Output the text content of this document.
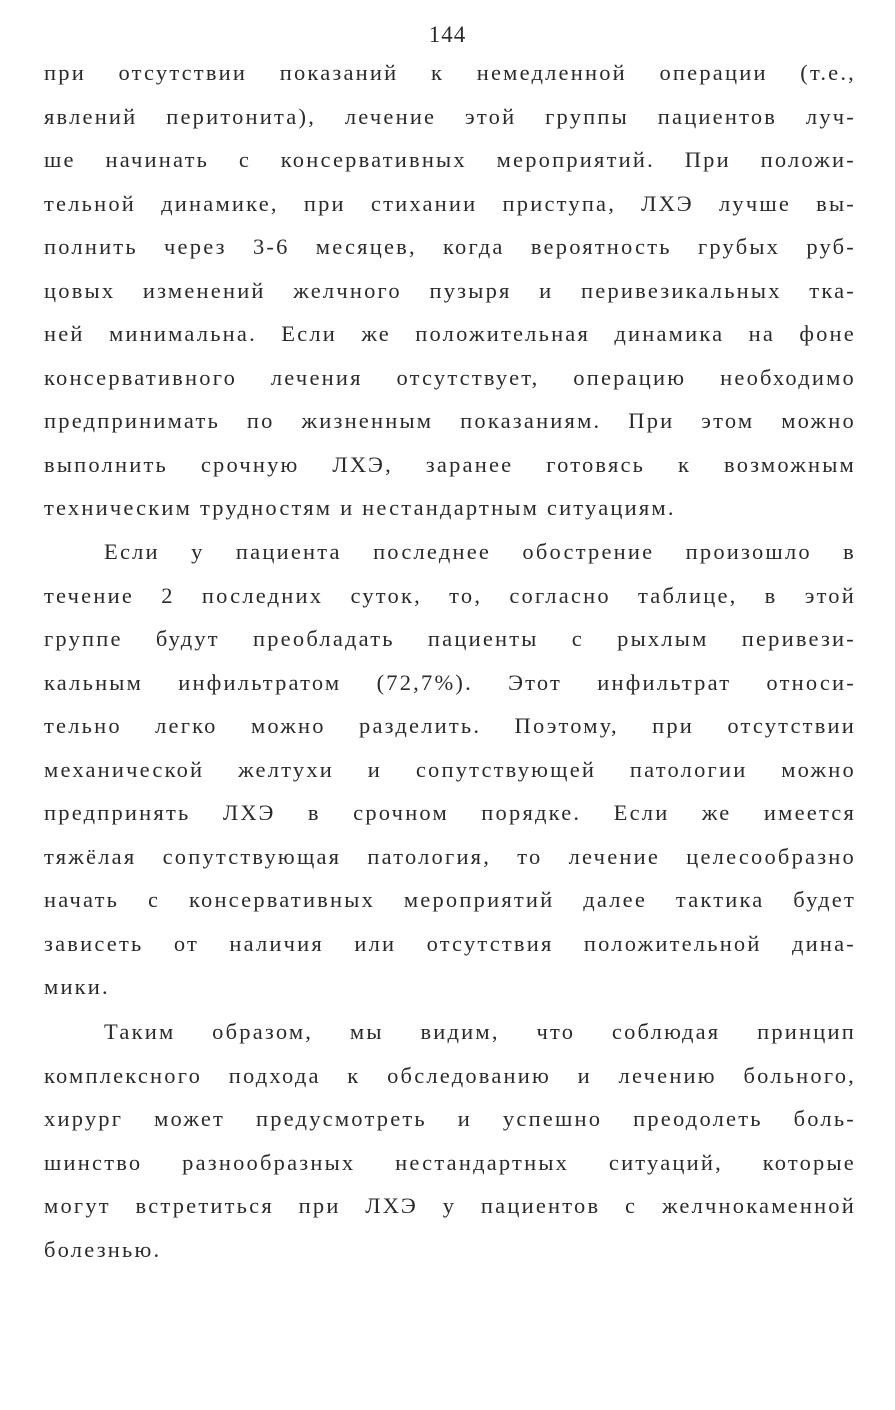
144
при отсутствии показаний к немедленной операции (т.е.,
явлений перитонита), лечение этой группы пациентов луч-
ше начинать с консервативных мероприятий. При положи-
тельной динамике, при стихании приступа, ЛХЭ лучше вы-
полнить через 3-6 месяцев, когда вероятность грубых руб-
цовых изменений желчного пузыря и перивезикальных тка-
ней минимальна. Если же положительная динамика на фоне
консервативного лечения отсутствует, операцию необходимо
предпринимать по жизненным показаниям. При этом можно
выполнить срочную ЛХЭ, заранее готовясь к возможным
техническим трудностям и нестандартным ситуациям.
Если у пациента последнее обострение произошло в
течение 2 последних суток, то, согласно таблице, в этой
группе будут преобладать пациенты с рыхлым перивези-
кальным инфильтратом (72,7%). Этот инфильтрат относи-
тельно легко можно разделить. Поэтому, при отсутствии
механической желтухи и сопутствующей патологии можно
предпринять ЛХЭ в срочном порядке. Если же имеется
тяжёлая сопутствующая патология, то лечение целесообразно
начать с консервативных мероприятий далее тактика будет
зависеть от наличия или отсутствия положительной дина-
мики.
Таким образом, мы видим, что соблюдая принцип
комплексного подхода к обследованию и лечению больного,
хирург может предусмотреть и успешно преодолеть боль-
шинство разнообразных нестандартных ситуаций, которые
могут встретиться при ЛХЭ у пациентов с желчнокаменной
болезнью.
